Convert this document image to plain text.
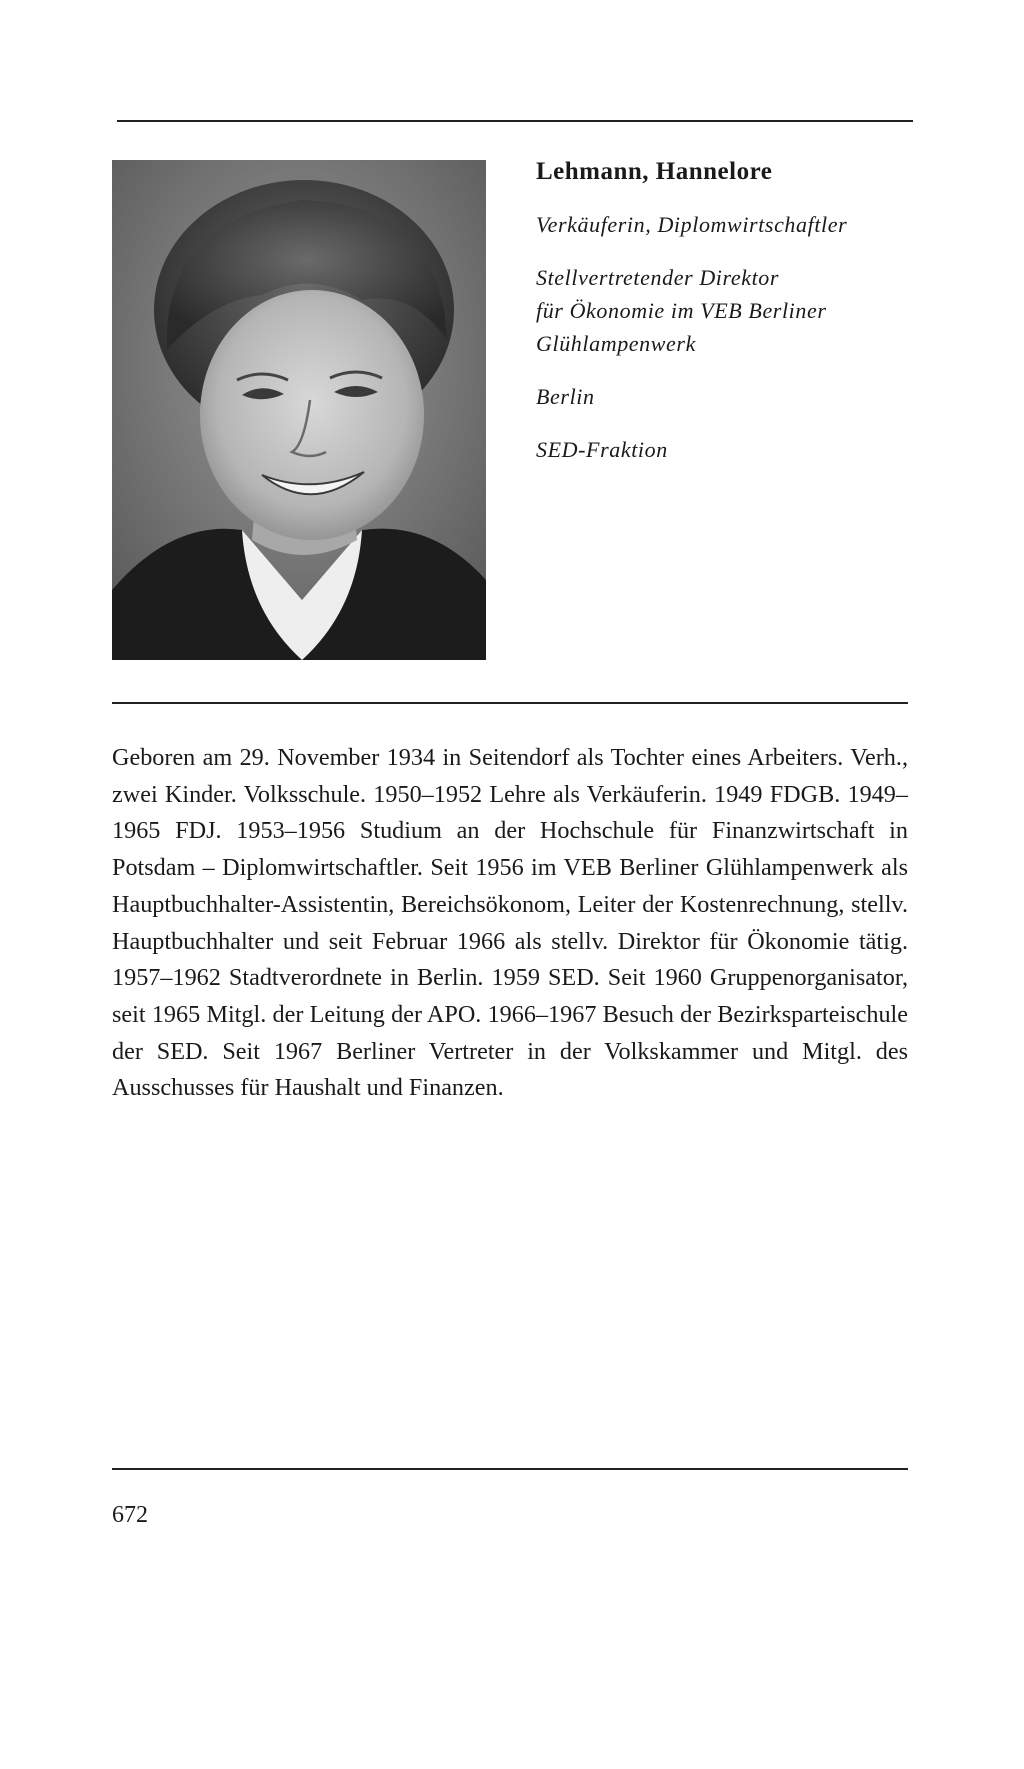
Lehmann, Hannelore

Verkäuferin, Diplomwirtschaftler

Stellvertretender Direktor

für Ökonomie im VEB Berliner

Glühlampenwerk

Berlin

SED-Fraktion

Geboren am 29. November 1934 in Seitendorf als Tochter eines Arbeiters. Verh., zwei Kinder. Volksschule. 1950–1952 Lehre als Verkäuferin. 1949 FDGB. 1949–1965 FDJ. 1953–1956 Studium an der Hochschule für Finanzwirtschaft in Potsdam – Diplomwirtschaftler. Seit 1956 im VEB Berliner Glühlampenwerk als Hauptbuchhalter-Assistentin, Bereichsökonom, Leiter der Kostenrechnung, stellv. Hauptbuchhalter und seit Februar 1966 als stellv. Direktor für Ökonomie tätig. 1957–1962 Stadtverordnete in Berlin. 1959 SED. Seit 1960 Gruppenorganisator, seit 1965 Mitgl. der Leitung der APO. 1966–1967 Besuch der Bezirksparteischule der SED. Seit 1967 Berliner Vertreter in der Volkskammer und Mitgl. des Ausschusses für Haushalt und Finanzen.

672
